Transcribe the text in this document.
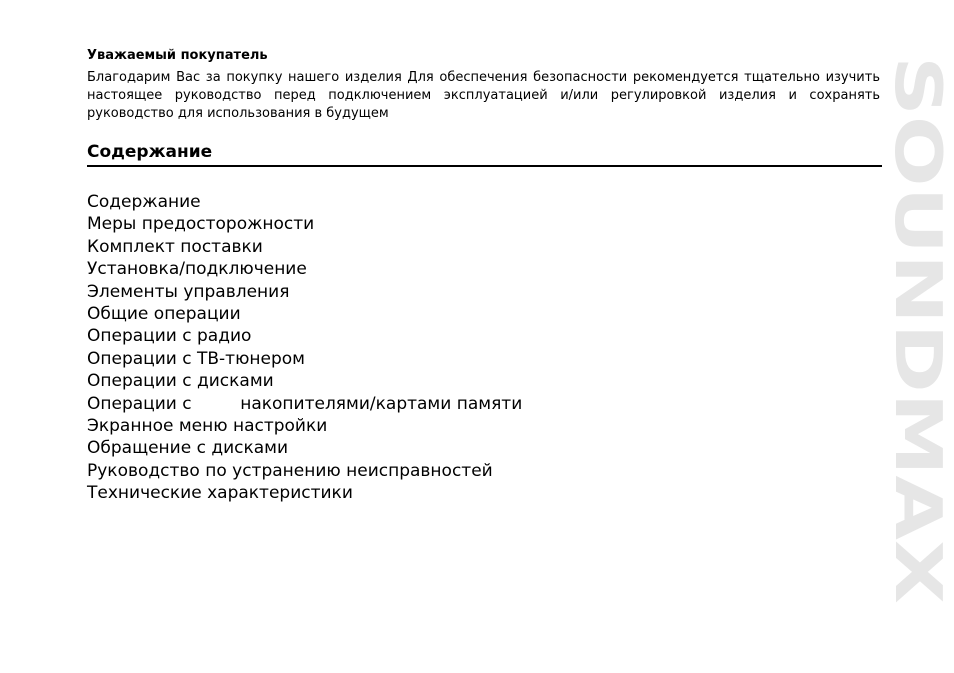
Уважаемый покупатель

Благодарим Вас за покупку нашего изделия Для обеспечения безопасности рекомендуется тщательно изучить настоящее руководство перед подключением эксплуатацией и/или регулировкой изделия и сохранять руководство для использования в будущем

Содержание
Содержание
Меры предосторожности
Комплект поставки
Установка/подключение
Элементы управления
Общие операции
Операции с радио
Операции с ТВ-тюнером
Операции с дисками
Операции с         накопителями/картами памяти
Экранное меню настройки
Обращение с дисками
Руководство по устранению неисправностей
Технические характеристики
SOUNDMAX
